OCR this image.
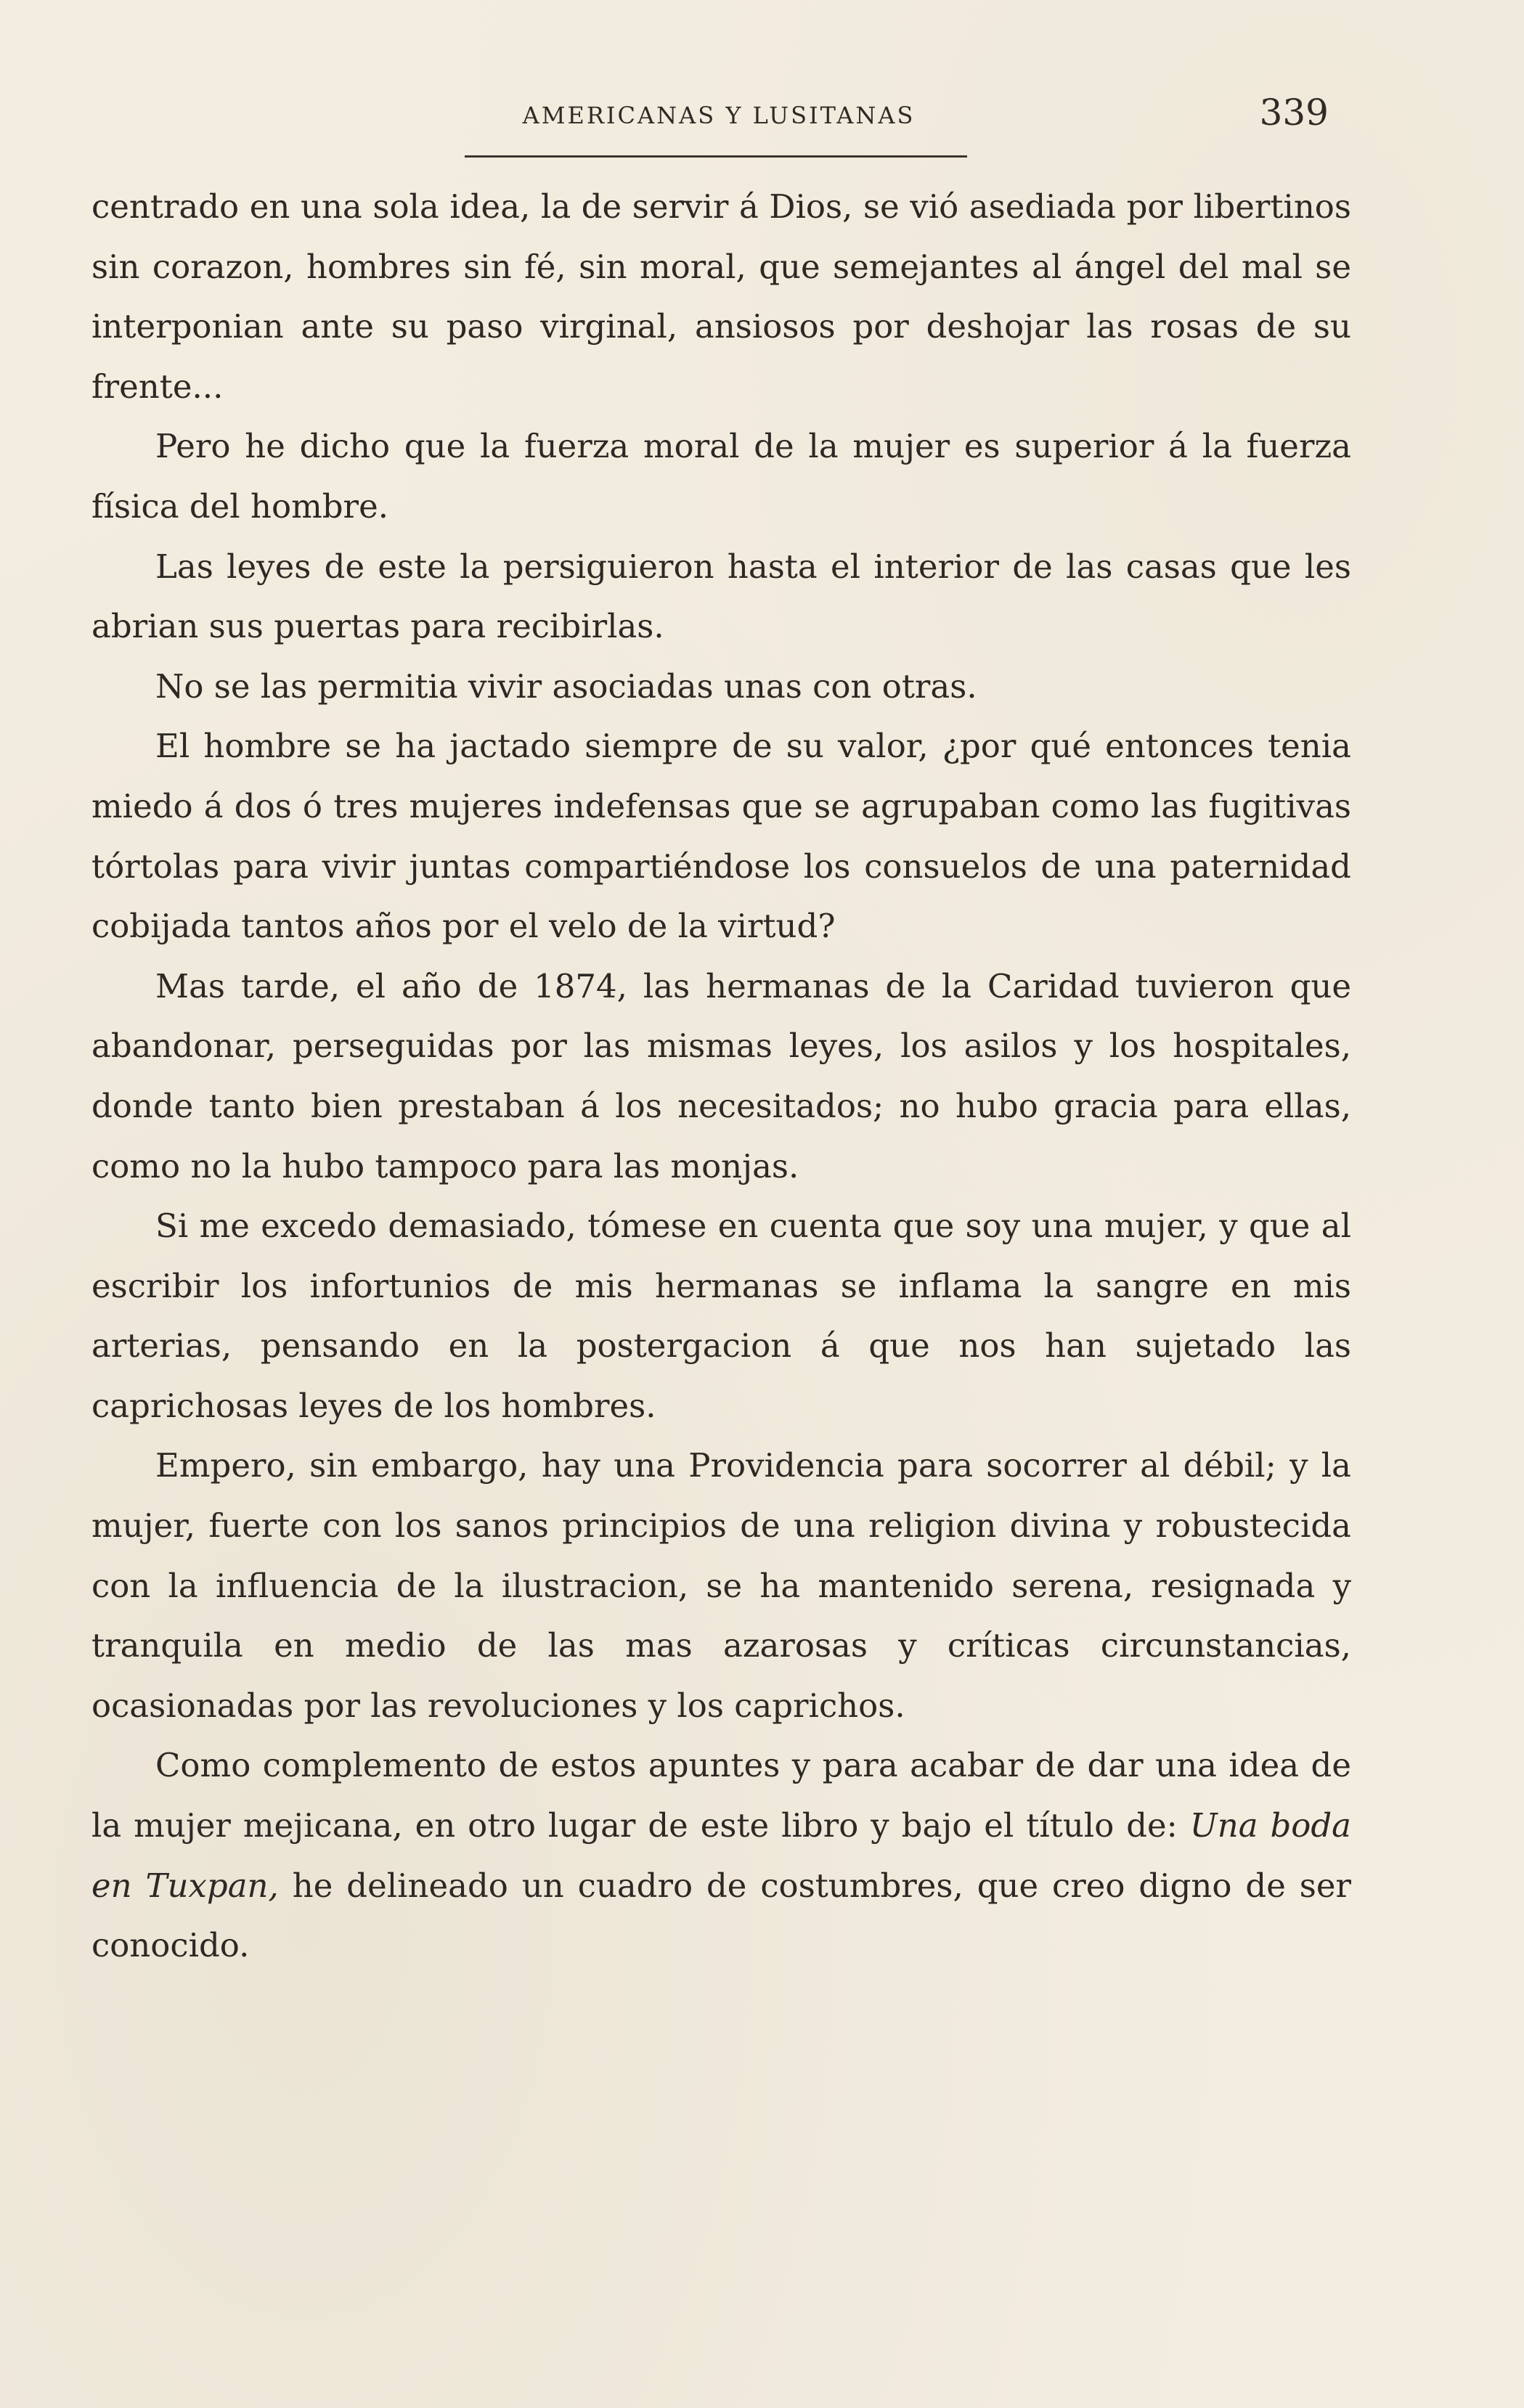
AMERICANAS Y LUSITANAS	339

centrado en una sola idea, la de servir á Dios, se vió asediada por libertinos sin corazon, hombres sin fé, sin moral, que semejantes al ángel del mal se interponian ante su paso virginal, ansiosos por deshojar las rosas de su frente...

Pero he dicho que la fuerza moral de la mujer es superior á la fuerza física del hombre.

Las leyes de este la persiguieron hasta el interior de las casas que les abrian sus puertas para recibirlas.

No se las permitia vivir asociadas unas con otras.

El hombre se ha jactado siempre de su valor, ¿por qué entonces tenia miedo á dos ó tres mujeres indefensas que se agrupaban como las fugitivas tórtolas para vivir juntas compartiéndose los consuelos de una paternidad cobijada tantos años por el velo de la virtud?

Mas tarde, el año de 1874, las hermanas de la Caridad tuvieron que abandonar, perseguidas por las mismas leyes, los asilos y los hospitales, donde tanto bien prestaban á los necesitados; no hubo gracia para ellas, como no la hubo tampoco para las monjas.

Si me excedo demasiado, tómese en cuenta que soy una mujer, y que al escribir los infortunios de mis hermanas se inflama la sangre en mis arterias, pensando en la postergacion á que nos han sujetado las caprichosas leyes de los hombres.

Empero, sin embargo, hay una Providencia para socorrer al débil; y la mujer, fuerte con los sanos principios de una religion divina y robustecida con la influencia de la ilustracion, se ha mantenido serena, resignada y tranquila en medio de las mas azarosas y críticas circunstancias, ocasionadas por las revoluciones y los caprichos.

Como complemento de estos apuntes y para acabar de dar una idea de la mujer mejicana, en otro lugar de este libro y bajo el título de: Una boda en Tuxpan, he delineado un cuadro de costumbres, que creo digno de ser conocido.
